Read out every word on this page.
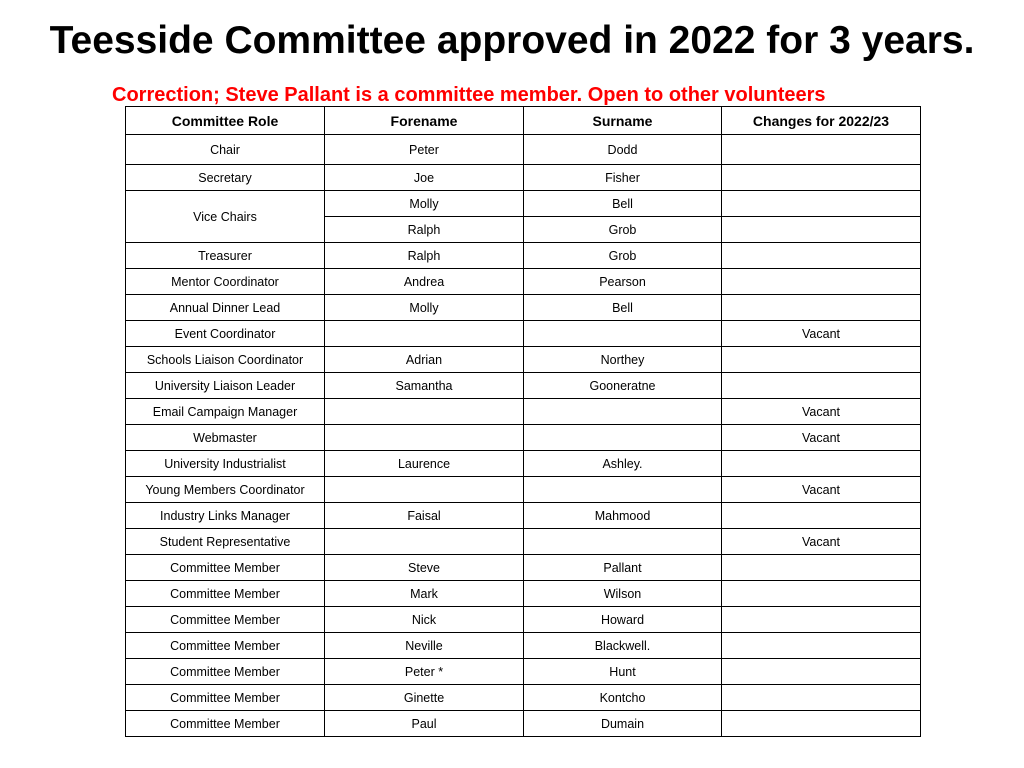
Teesside Committee approved in 2022 for 3 years.
Correction; Steve Pallant is a committee member. Open to other volunteers
Committee Role	Forename	Surname	Changes for 2022/23
Chair	Peter	Dodd	
Secretary	Joe	Fisher	
Vice Chairs	Molly	Bell	
	Ralph	Grob	
Treasurer	Ralph	Grob	
Mentor Coordinator	Andrea	Pearson	
Annual Dinner Lead	Molly	Bell	
Event Coordinator			Vacant
Schools Liaison Coordinator	Adrian	Northey	
University Liaison Leader	Samantha	Gooneratne	
Email Campaign Manager			Vacant
Webmaster			Vacant
University Industrialist	Laurence	Ashley.	
Young Members Coordinator			Vacant
Industry Links Manager	Faisal	Mahmood	
Student Representative			Vacant
Committee Member	Steve	Pallant	
Committee Member	Mark	Wilson	
Committee Member	Nick	Howard	
Committee Member	Neville	Blackwell.	
Committee Member	Peter *	Hunt	
Committee Member	Ginette	Kontcho	
Committee Member	Paul	Dumain	
